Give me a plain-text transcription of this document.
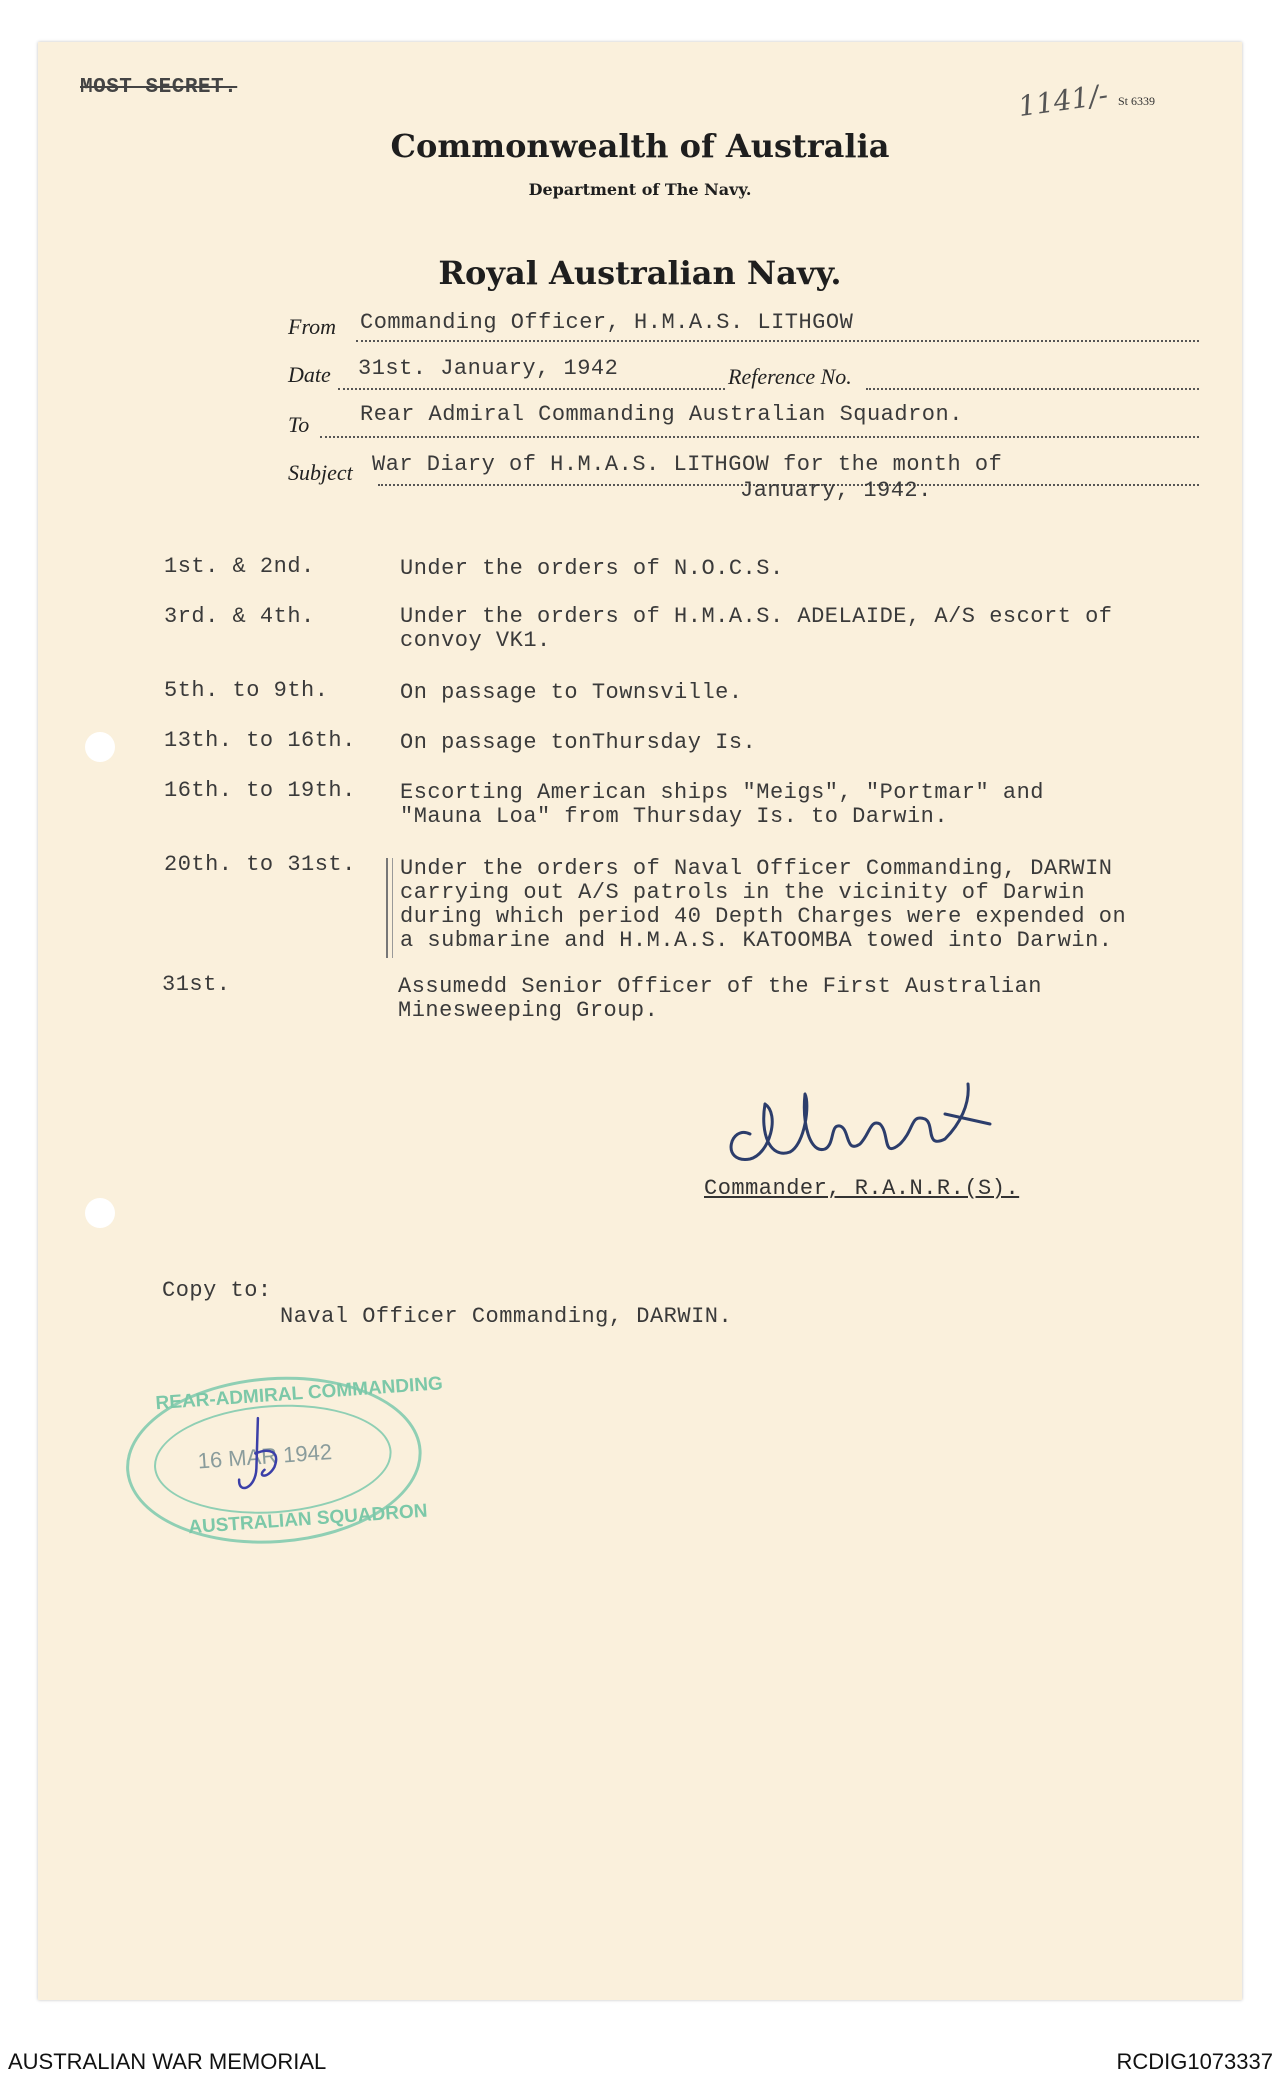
MOST SECRET.	1141/- St 6339
Commonwealth of Australia
Department of The Navy.
Royal Australian Navy.
From Commanding Officer, H.M.A.S. LITHGOW
Date 31st. January, 1942	Reference No.
To Rear Admiral Commanding Australian Squadron.
Subject War Diary of H.M.A.S. LITHGOW for the month of
January, 1942.
1st. & 2nd.	Under the orders of N.O.C.S.
3rd. & 4th.	Under the orders of H.M.A.S. ADELAIDE, A/S escort of
convoy VK1.
5th. to 9th.	On passage to Townsville.
13th. to 16th. On passage tonThursday Is.
16th. to 19th. Escorting American ships "Meigs", "Portmar" and
"Mauna Loa" from Thursday Is. to Darwin.
20th. to 31st. Under the orders of Naval Officer Commanding, DARWIN
carrying out A/S patrols in the vicinity of Darwin
during which period 40 Depth Charges were expended on
a submarine and H.M.A.S. KATOOMBA towed into Darwin.
31st.	Assumedd Senior Officer of the First Australian
Minesweeping Group.
Commander, R.A.N.R.(S).
Copy to:
Naval Officer Commanding, DARWIN.
REAR-ADMIRAL COMMANDING
16 MAR 1942
AUSTRALIAN SQUADRON
AUSTRALIAN WAR MEMORIAL	RCDIG1073337
